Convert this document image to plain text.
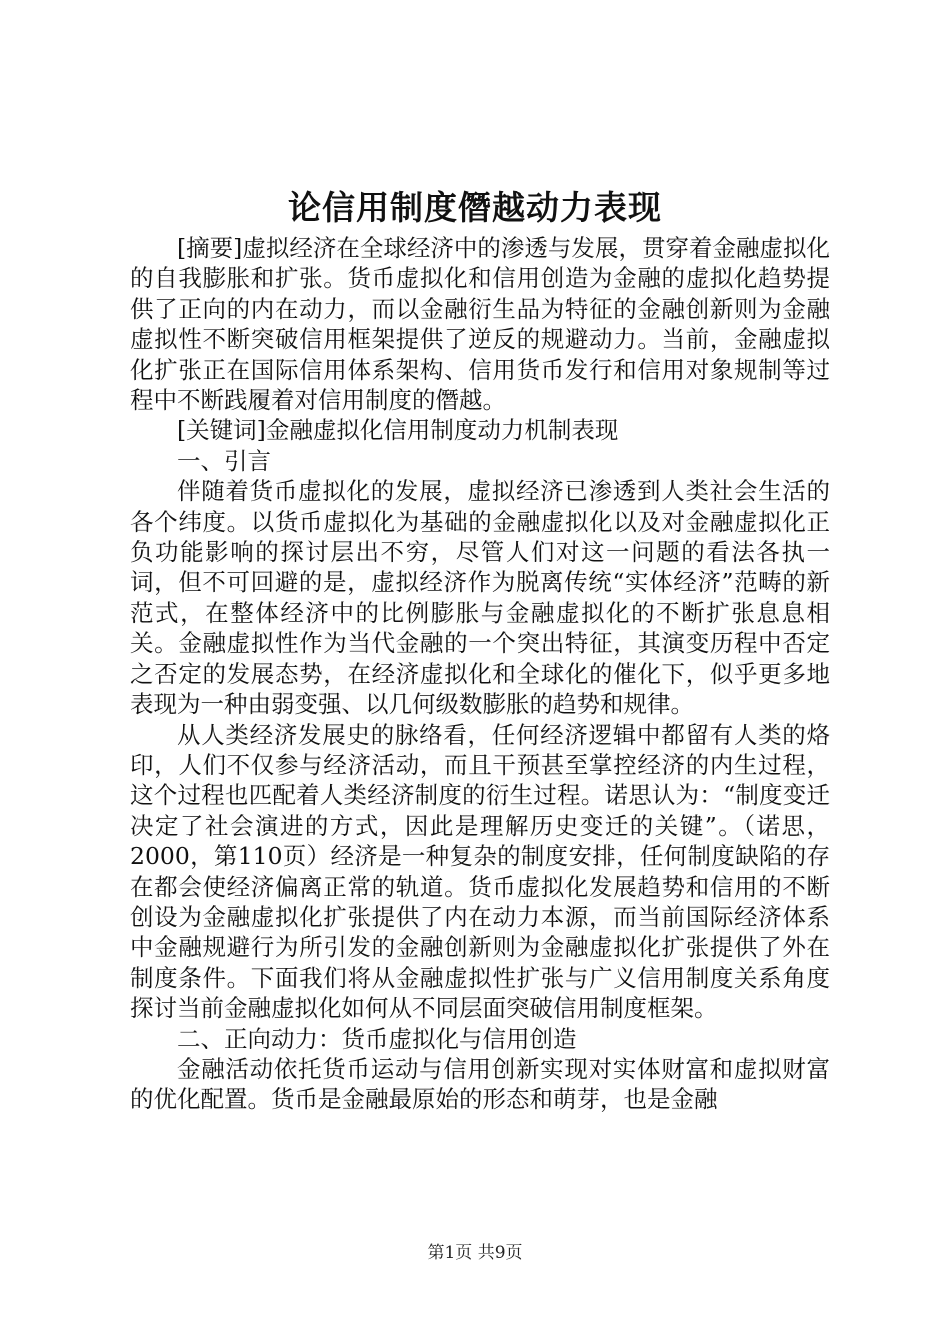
论信用制度僭越动力表现

[摘要]虚拟经济在全球经济中的渗透与发展，贯穿着金融虚拟化的自我膨胀和扩张。货币虚拟化和信用创造为金融的虚拟化趋势提供了正向的内在动力，而以金融衍生品为特征的金融创新则为金融虚拟性不断突破信用框架提供了逆反的规避动力。当前，金融虚拟化扩张正在国际信用体系架构、信用货币发行和信用对象规制等过程中不断践履着对信用制度的僭越。

[关键词]金融虚拟化信用制度动力机制表现

一、引言

伴随着货币虚拟化的发展，虚拟经济已渗透到人类社会生活的各个纬度。以货币虚拟化为基础的金融虚拟化以及对金融虚拟化正负功能影响的探讨层出不穷，尽管人们对这一问题的看法各执一词，但不可回避的是，虚拟经济作为脱离传统“实体经济”范畴的新范式，在整体经济中的比例膨胀与金融虚拟化的不断扩张息息相关。金融虚拟性作为当代金融的一个突出特征，其演变历程中否定之否定的发展态势，在经济虚拟化和全球化的催化下，似乎更多地表现为一种由弱变强、以几何级数膨胀的趋势和规律。

从人类经济发展史的脉络看，任何经济逻辑中都留有人类的烙印，人们不仅参与经济活动，而且干预甚至掌控经济的内生过程，这个过程也匹配着人类经济制度的衍生过程。诺思认为：“制度变迁决定了社会演进的方式，因此是理解历史变迁的关键”。（诺思，2000，第110页）经济是一种复杂的制度安排，任何制度缺陷的存在都会使经济偏离正常的轨道。货币虚拟化发展趋势和信用的不断创设为金融虚拟化扩张提供了内在动力本源，而当前国际经济体系中金融规避行为所引发的金融创新则为金融虚拟化扩张提供了外在制度条件。下面我们将从金融虚拟性扩张与广义信用制度关系角度探讨当前金融虚拟化如何从不同层面突破信用制度框架。

二、正向动力：货币虚拟化与信用创造

金融活动依托货币运动与信用创新实现对实体财富和虚拟财富的优化配置。货币是金融最原始的形态和萌芽，也是金融

第1页 共9页
